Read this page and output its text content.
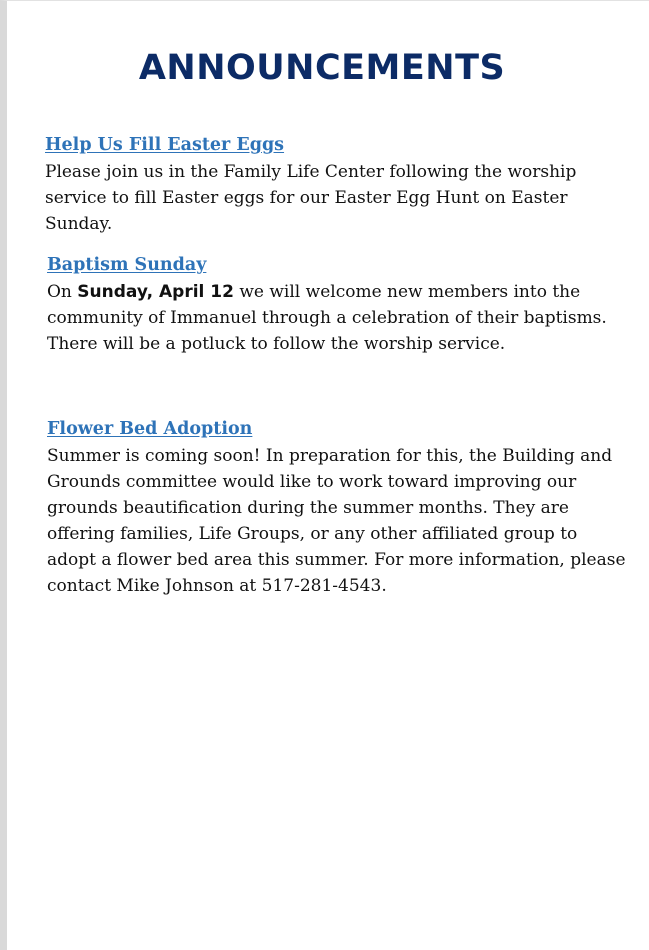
ANNOUNCEMENTS
Help Us Fill Easter Eggs

Please join us in the Family Life Center following the worship service to fill Easter eggs for our Easter Egg Hunt on Easter Sunday.

Baptism Sunday

On Sunday, April 12 we will welcome new members into the community of Immanuel through a celebration of their baptisms. There will be a potluck to follow the worship service.

Flower Bed Adoption

Summer is coming soon! In preparation for this, the Building and Grounds committee would like to work toward improving our grounds beautification during the summer months. They are offering families, Life Groups, or any other affiliated group to adopt a flower bed area this summer. For more information, please contact Mike Johnson at 517-281-4543.
